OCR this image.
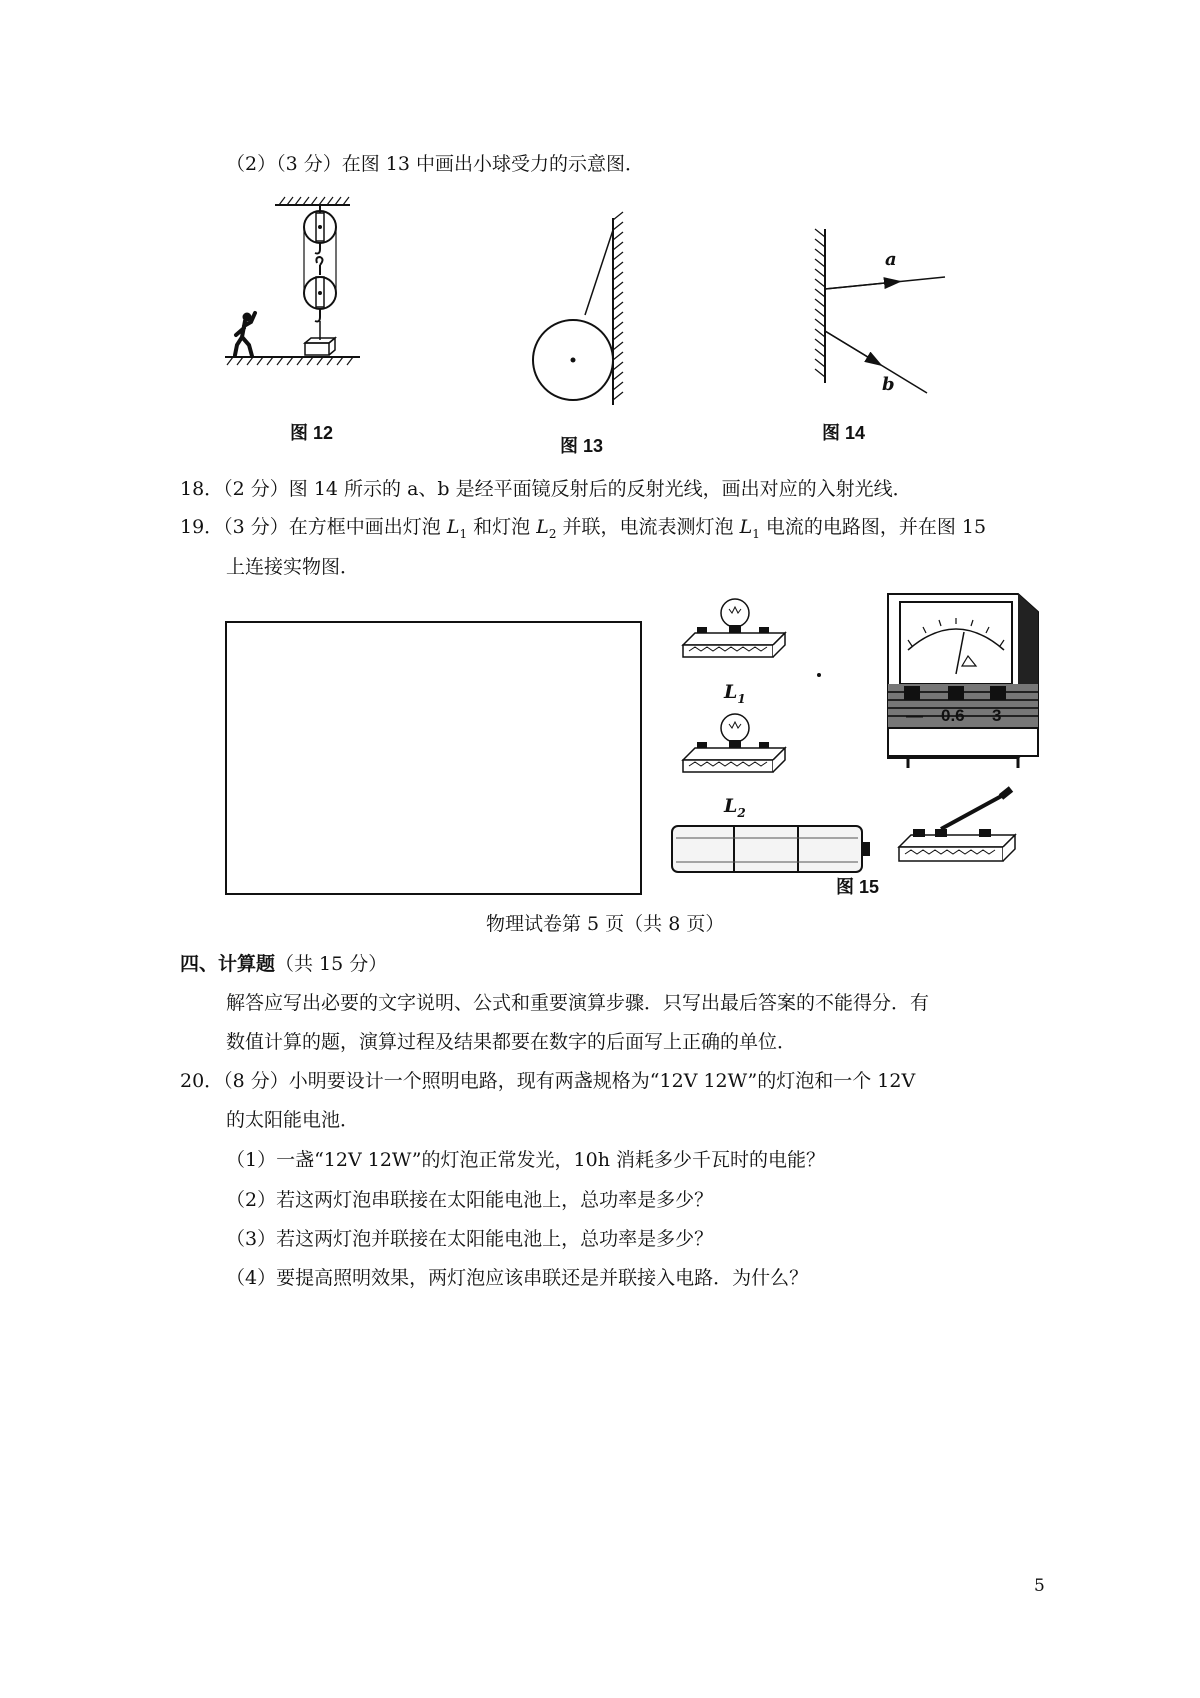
（2）（3 分）在图 13 中画出小球受力的示意图．
图 12
图 13
a
b
图 14
18．（2 分）图 14 所示的 a、b 是经平面镜反射后的反射光线，画出对应的入射光线．
19．（3 分）在方框中画出灯泡 $L_1$ 和灯泡 $L_2$ 并联，电流表测灯泡 $L_1$ 电流的电路图，并在图 15
上连接实物图．
$L_1$
$L_2$
— 0.6 3
图 15
物理试卷第 5 页（共 8 页）
四、计算题（共 15 分）
解答应写出必要的文字说明、公式和重要演算步骤．只写出最后答案的不能得分．有
数值计算的题，演算过程及结果都要在数字的后面写上正确的单位．
20．（8 分）小明要设计一个照明电路，现有两盏规格为“12V 12W”的灯泡和一个 12V
的太阳能电池．
（1）一盏“12V 12W”的灯泡正常发光，10h 消耗多少千瓦时的电能？
（2）若这两灯泡串联接在太阳能电池上，总功率是多少？
（3）若这两灯泡并联接在太阳能电池上，总功率是多少？
（4）要提高照明效果，两灯泡应该串联还是并联接入电路．为什么？
5
